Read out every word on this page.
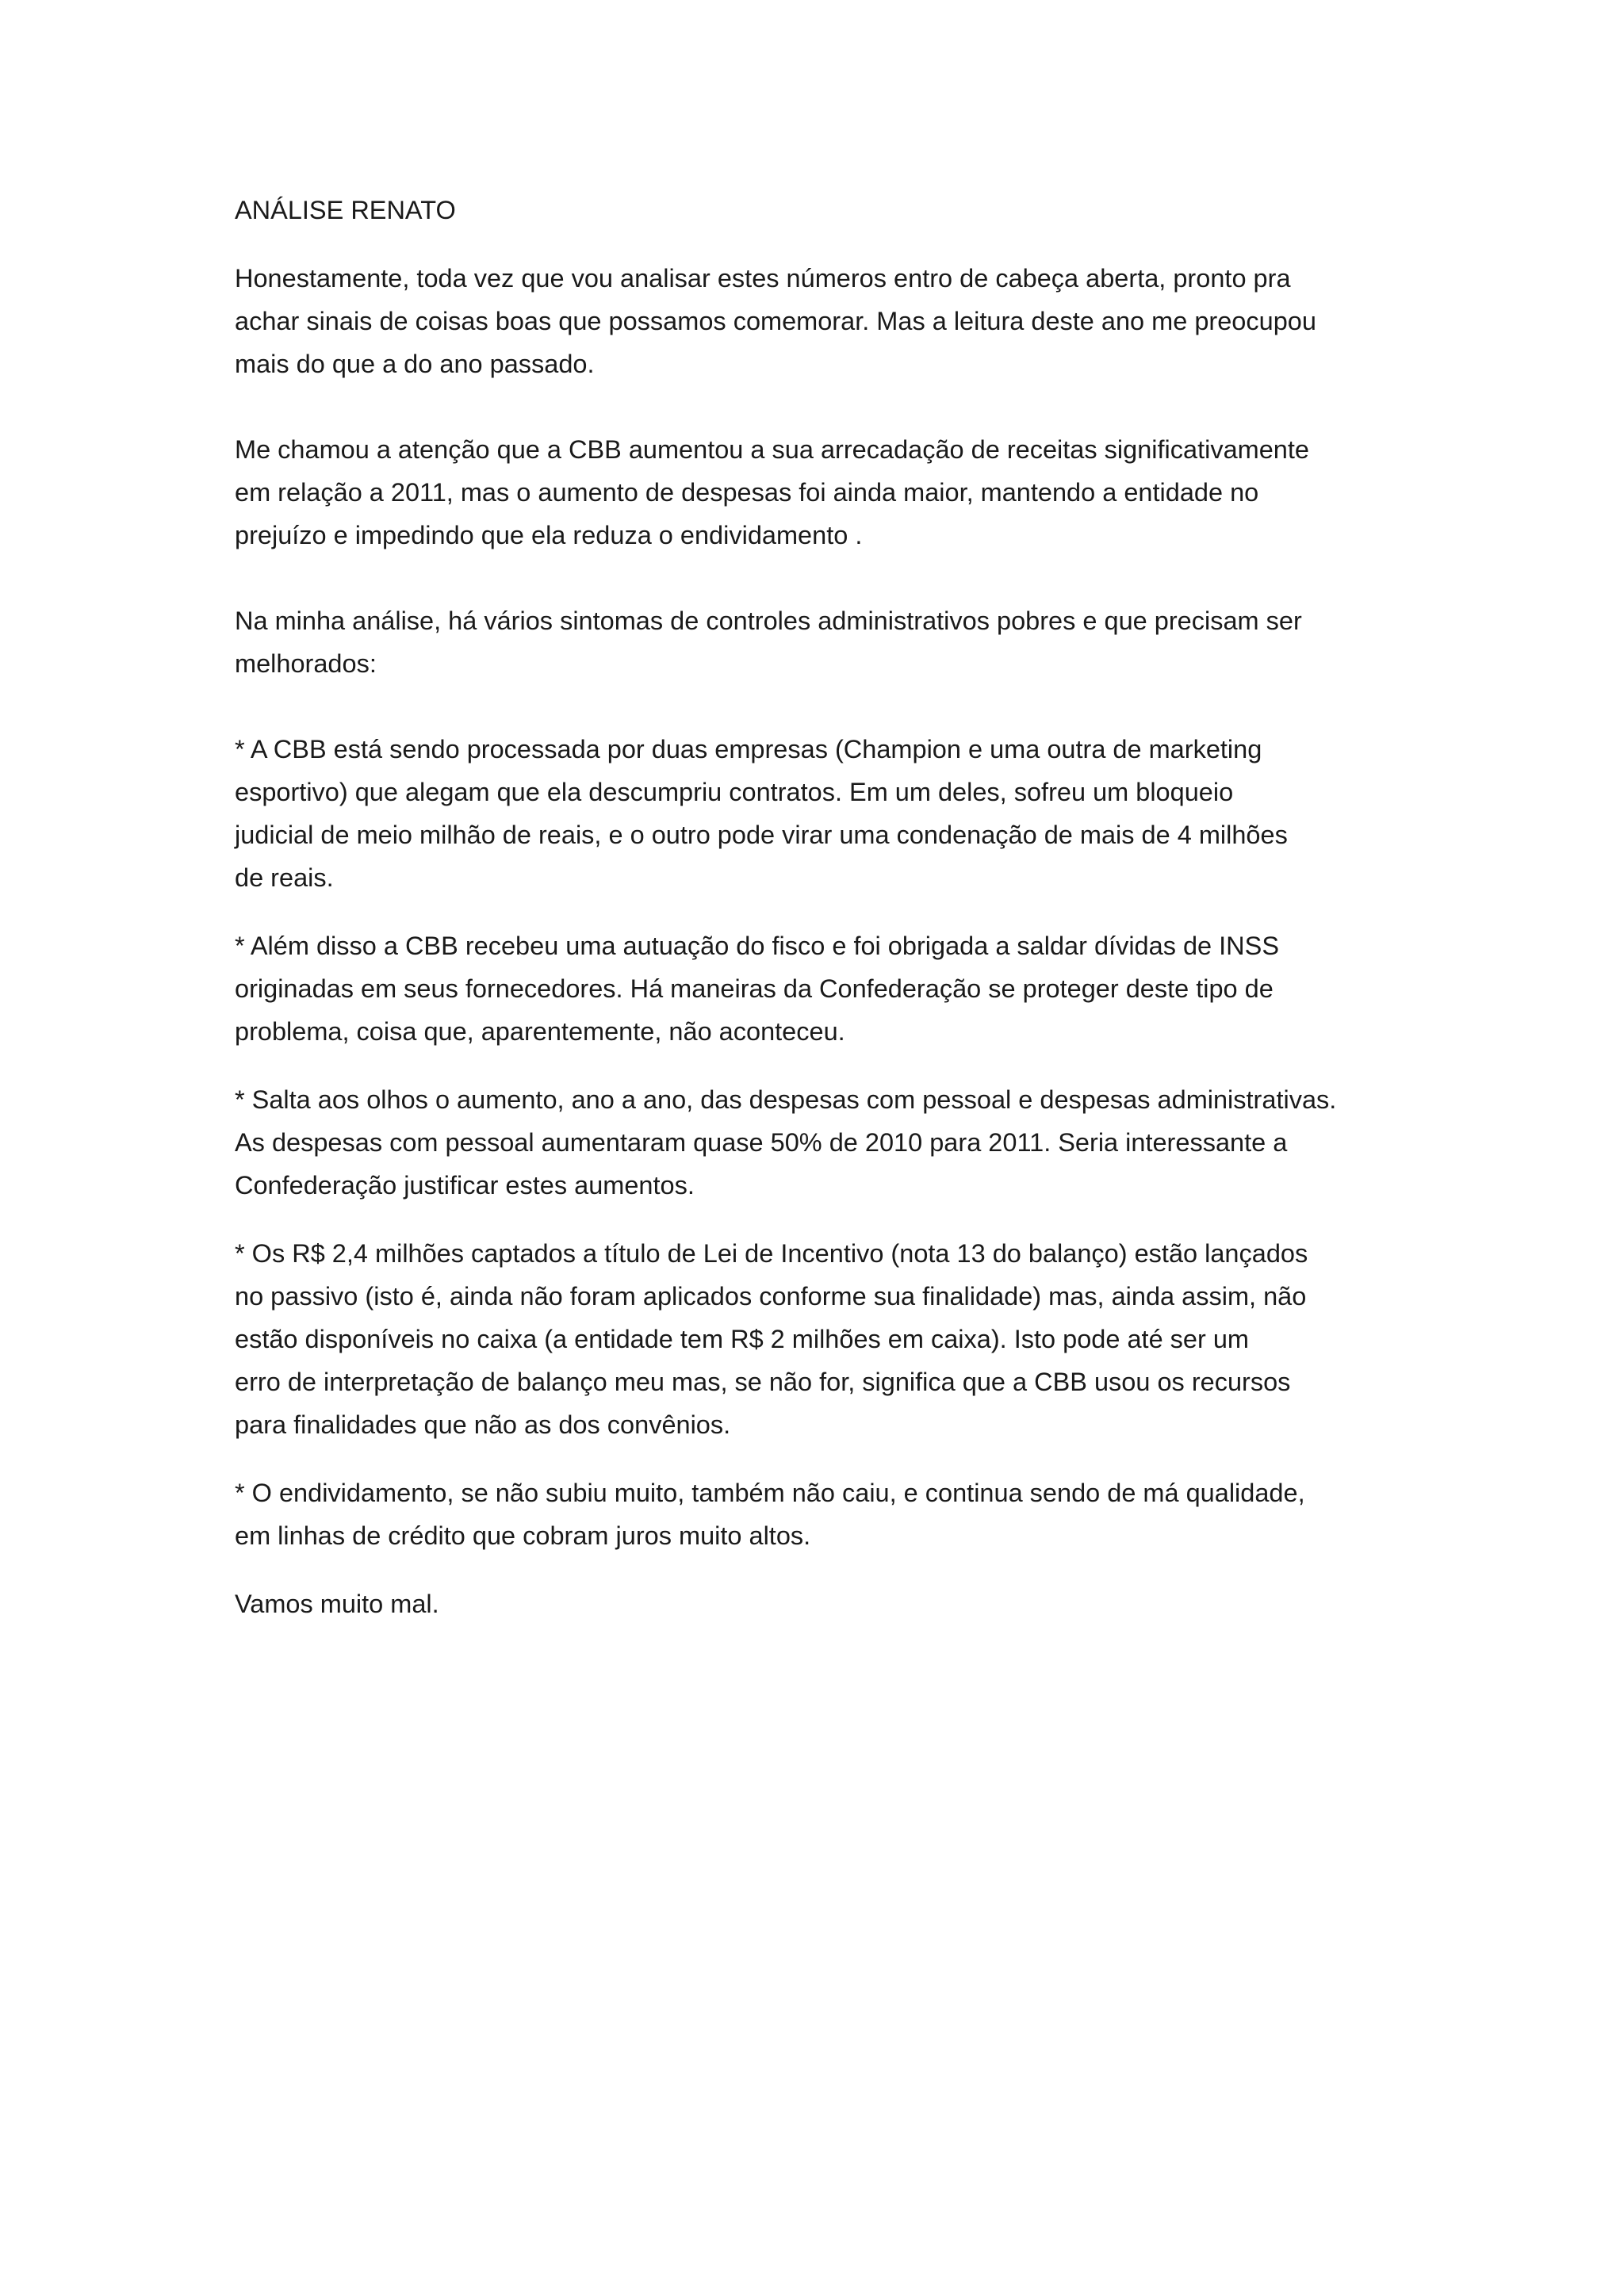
ANÁLISE RENATO

Honestamente, toda vez que vou analisar estes números entro de cabeça aberta, pronto pra
achar sinais de coisas boas que possamos comemorar. Mas a leitura deste ano me preocupou
mais do que a do ano passado.

Me chamou a atenção que a CBB aumentou a sua arrecadação de receitas significativamente
em relação a 2011, mas o aumento de despesas foi ainda maior, mantendo a entidade no
prejuízo e impedindo que ela reduza o endividamento .

Na minha análise, há vários sintomas de controles administrativos pobres e que precisam ser
melhorados:

* A CBB está sendo processada por duas empresas (Champion e uma outra de marketing
esportivo) que alegam que ela descumpriu contratos. Em um deles, sofreu um bloqueio
judicial de meio milhão de reais, e o outro pode virar uma condenação de mais de 4 milhões
de reais.

* Além disso a CBB recebeu uma autuação do fisco e foi obrigada a saldar dívidas de INSS
originadas em seus fornecedores. Há maneiras da Confederação se proteger deste tipo de
problema, coisa que, aparentemente, não aconteceu.

* Salta aos olhos o aumento, ano a ano, das despesas com pessoal e despesas administrativas.
As despesas com pessoal aumentaram quase 50% de 2010 para 2011. Seria interessante a
Confederação justificar estes aumentos.

* Os R$ 2,4 milhões captados a título de Lei de Incentivo (nota 13 do balanço) estão lançados
no passivo (isto é, ainda não foram aplicados conforme sua finalidade) mas, ainda assim, não
estão disponíveis no caixa (a entidade tem R$ 2 milhões em caixa). Isto pode até ser um
erro de interpretação de balanço meu mas, se não for, significa que a CBB usou os recursos
para finalidades que não as dos convênios.

* O endividamento, se não subiu muito, também não caiu, e continua sendo de má qualidade,
em linhas de crédito que cobram juros muito altos.

Vamos muito mal.
